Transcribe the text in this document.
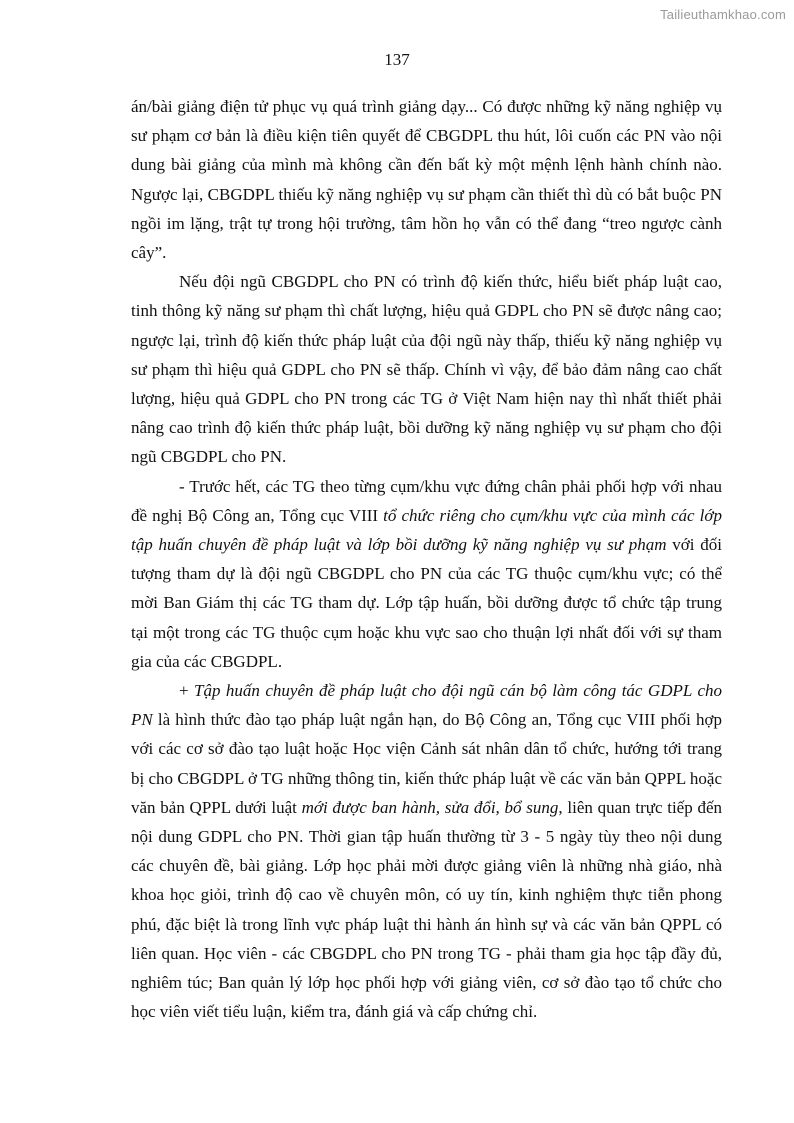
Tailieuthamkhao.com
137

án/bài giảng điện tử phục vụ quá trình giảng dạy... Có được những kỹ năng nghiệp vụ sư phạm cơ bản là điều kiện tiên quyết để CBGDPL thu hút, lôi cuốn các PN vào nội dung bài giảng của mình mà không cần đến bất kỳ một mệnh lệnh hành chính nào. Ngược lại, CBGDPL thiếu kỹ năng nghiệp vụ sư phạm cần thiết thì dù có bắt buộc PN ngồi im lặng, trật tự trong hội trường, tâm hồn họ vẫn có thể đang “treo ngược cành cây”.

Nếu đội ngũ CBGDPL cho PN có trình độ kiến thức, hiểu biết pháp luật cao, tinh thông kỹ năng sư phạm thì chất lượng, hiệu quả GDPL cho PN sẽ được nâng cao; ngược lại, trình độ kiến thức pháp luật của đội ngũ này thấp, thiếu kỹ năng nghiệp vụ sư phạm thì hiệu quả GDPL cho PN sẽ thấp. Chính vì vậy, để bảo đảm nâng cao chất lượng, hiệu quả GDPL cho PN trong các TG ở Việt Nam hiện nay thì nhất thiết phải nâng cao trình độ kiến thức pháp luật, bồi dưỡng kỹ năng nghiệp vụ sư phạm cho đội ngũ CBGDPL cho PN.

- Trước hết, các TG theo từng cụm/khu vực đứng chân phải phối hợp với nhau đề nghị Bộ Công an, Tổng cục VIII tổ chức riêng cho cụm/khu vực của mình các lớp tập huấn chuyên đề pháp luật và lớp bồi dưỡng kỹ năng nghiệp vụ sư phạm với đối tượng tham dự là đội ngũ CBGDPL cho PN của các TG thuộc cụm/khu vực; có thể mời Ban Giám thị các TG tham dự. Lớp tập huấn, bồi dưỡng được tổ chức tập trung tại một trong các TG thuộc cụm hoặc khu vực sao cho thuận lợi nhất đối với sự tham gia của các CBGDPL.

+ Tập huấn chuyên đề pháp luật cho đội ngũ cán bộ làm công tác GDPL cho PN là hình thức đào tạo pháp luật ngắn hạn, do Bộ Công an, Tổng cục VIII phối hợp với các cơ sở đào tạo luật hoặc Học viện Cảnh sát nhân dân tổ chức, hướng tới trang bị cho CBGDPL ở TG những thông tin, kiến thức pháp luật về các văn bản QPPL hoặc văn bản QPPL dưới luật mới được ban hành, sửa đổi, bổ sung, liên quan trực tiếp đến nội dung GDPL cho PN. Thời gian tập huấn thường từ 3 - 5 ngày tùy theo nội dung các chuyên đề, bài giảng. Lớp học phải mời được giảng viên là những nhà giáo, nhà khoa học giỏi, trình độ cao về chuyên môn, có uy tín, kinh nghiệm thực tiễn phong phú, đặc biệt là trong lĩnh vực pháp luật thi hành án hình sự và các văn bản QPPL có liên quan. Học viên - các CBGDPL cho PN trong TG - phải tham gia học tập đầy đủ, nghiêm túc; Ban quản lý lớp học phối hợp với giảng viên, cơ sở đào tạo tổ chức cho học viên viết tiểu luận, kiểm tra, đánh giá và cấp chứng chỉ.
